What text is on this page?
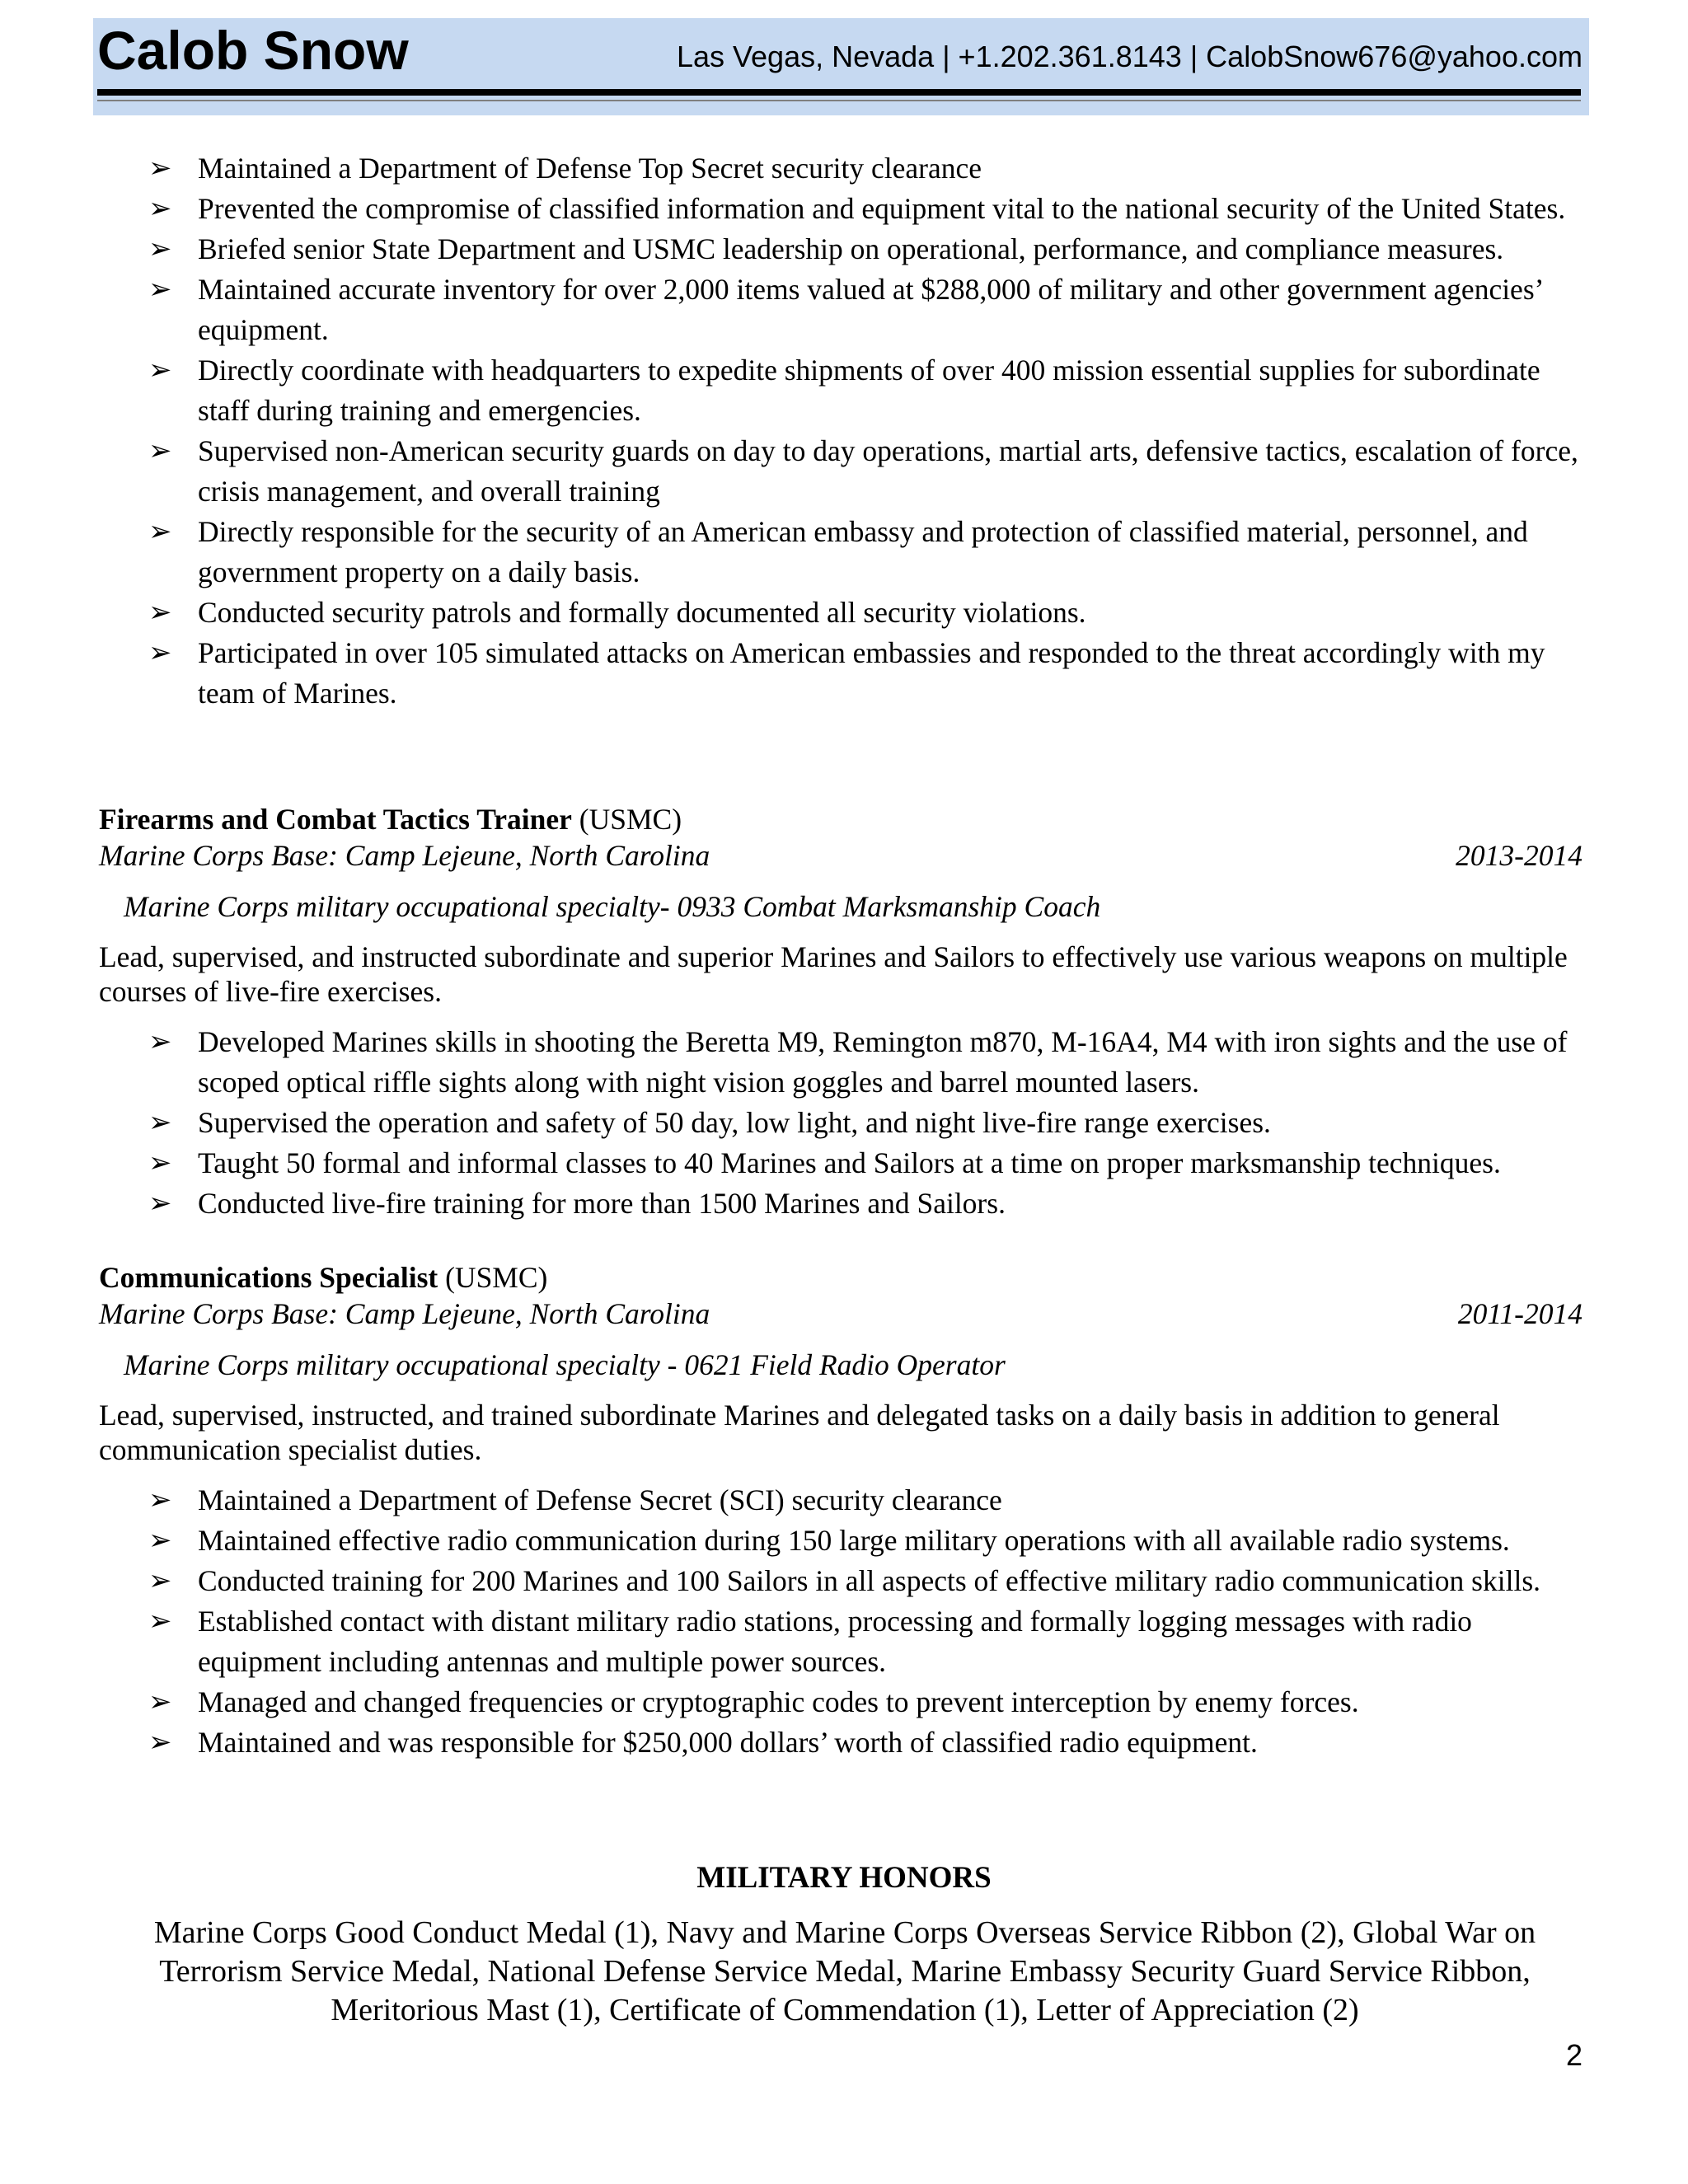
Calob Snow	Las Vegas, Nevada | +1.202.361.8143 | CalobSnow676@yahoo.com
➢ Maintained a Department of Defense Top Secret security clearance
➢ Prevented the compromise of classified information and equipment vital to the national security of the United States.
➢ Briefed senior State Department and USMC leadership on operational, performance, and compliance measures.
➢ Maintained accurate inventory for over 2,000 items valued at $288,000 of military and other government agencies’ equipment.
➢ Directly coordinate with headquarters to expedite shipments of over 400 mission essential supplies for subordinate staff during training and emergencies.
➢ Supervised non-American security guards on day to day operations, martial arts, defensive tactics, escalation of force, crisis management, and overall training
➢ Directly responsible for the security of an American embassy and protection of classified material, personnel, and government property on a daily basis.
➢ Conducted security patrols and formally documented all security violations.
➢ Participated in over 105 simulated attacks on American embassies and responded to the threat accordingly with my team of Marines.
Firearms and Combat Tactics Trainer (USMC)
Marine Corps Base: Camp Lejeune, North Carolina	2013-2014
Marine Corps military occupational specialty- 0933 Combat Marksmanship Coach
Lead, supervised, and instructed subordinate and superior Marines and Sailors to effectively use various weapons on multiple courses of live-fire exercises.
➢ Developed Marines skills in shooting the Beretta M9, Remington m870, M-16A4, M4 with iron sights and the use of scoped optical riffle sights along with night vision goggles and barrel mounted lasers.
➢ Supervised the operation and safety of 50 day, low light, and night live-fire range exercises.
➢ Taught 50 formal and informal classes to 40 Marines and Sailors at a time on proper marksmanship techniques.
➢ Conducted live-fire training for more than 1500 Marines and Sailors.
Communications Specialist (USMC)
Marine Corps Base: Camp Lejeune, North Carolina	2011-2014
Marine Corps military occupational specialty - 0621 Field Radio Operator
Lead, supervised, instructed, and trained subordinate Marines and delegated tasks on a daily basis in addition to general communication specialist duties.
➢ Maintained a Department of Defense Secret (SCI) security clearance
➢ Maintained effective radio communication during 150 large military operations with all available radio systems.
➢ Conducted training for 200 Marines and 100 Sailors in all aspects of effective military radio communication skills.
➢ Established contact with distant military radio stations, processing and formally logging messages with radio equipment including antennas and multiple power sources.
➢ Managed and changed frequencies or cryptographic codes to prevent interception by enemy forces.
➢ Maintained and was responsible for $250,000 dollars’ worth of classified radio equipment.
MILITARY HONORS
Marine Corps Good Conduct Medal (1), Navy and Marine Corps Overseas Service Ribbon (2), Global War on Terrorism Service Medal, National Defense Service Medal, Marine Embassy Security Guard Service Ribbon, Meritorious Mast (1), Certificate of Commendation (1), Letter of Appreciation (2)
2
